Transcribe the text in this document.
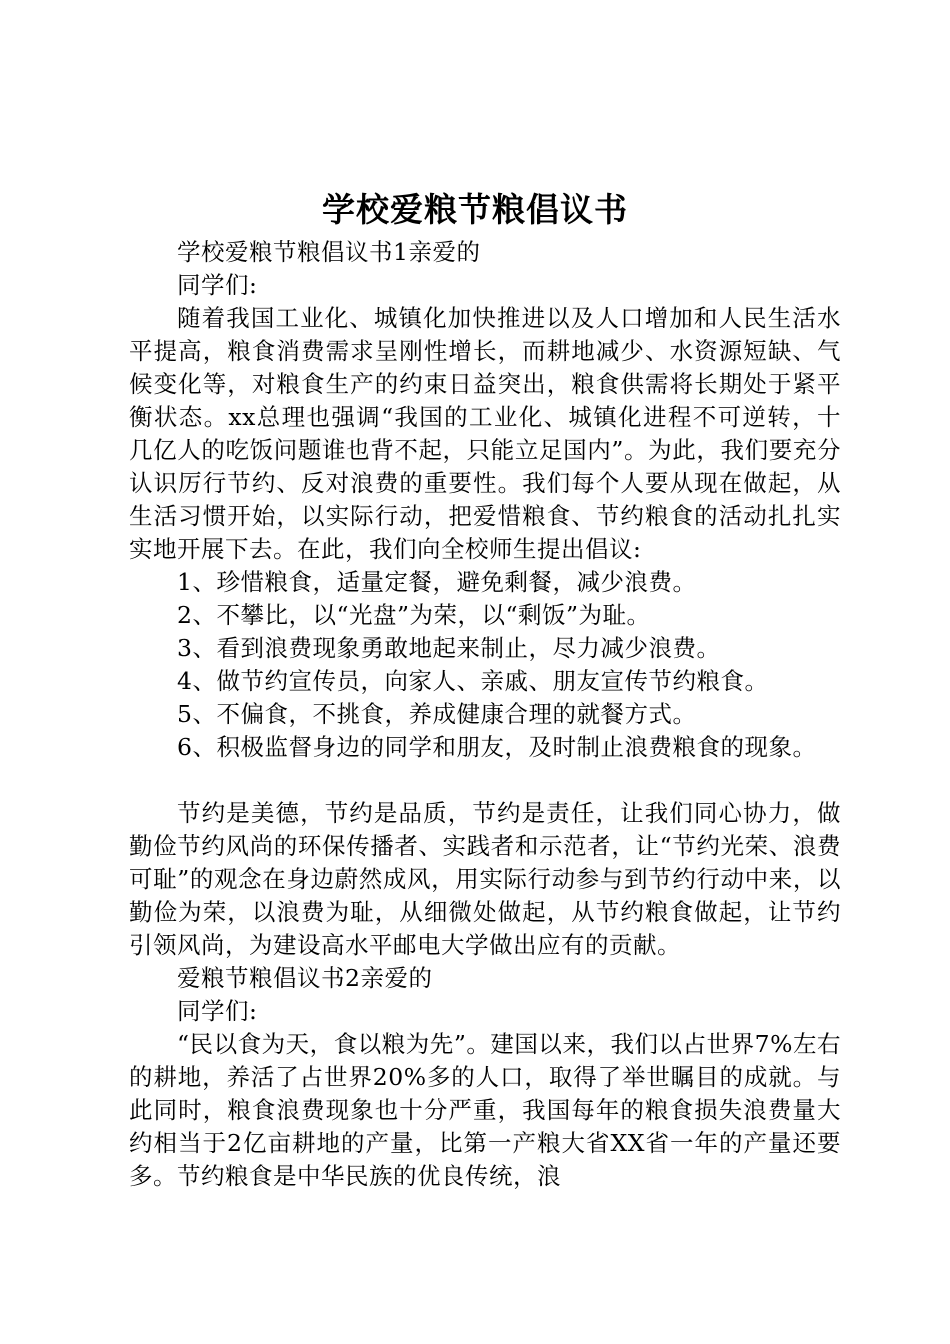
学校爱粮节粮倡议书

学校爱粮节粮倡议书1亲爱的

同学们:

随着我国工业化、城镇化加快推进以及人口增加和人民生活水平提高，粮食消费需求呈刚性增长，而耕地减少、水资源短缺、气候变化等，对粮食生产的约束日益突出，粮食供需将长期处于紧平衡状态。xx总理也强调“我国的工业化、城镇化进程不可逆转，十几亿人的吃饭问题谁也背不起，只能立足国内”。为此，我们要充分认识厉行节约、反对浪费的重要性。我们每个人要从现在做起，从生活习惯开始，以实际行动，把爱惜粮食、节约粮食的活动扎扎实实地开展下去。在此，我们向全校师生提出倡议:

1、珍惜粮食，适量定餐，避免剩餐，减少浪费。

2、不攀比，以“光盘”为荣，以“剩饭”为耻。

3、看到浪费现象勇敢地起来制止，尽力减少浪费。

4、做节约宣传员，向家人、亲戚、朋友宣传节约粮食。

5、不偏食，不挑食，养成健康合理的就餐方式。

6、积极监督身边的同学和朋友，及时制止浪费粮食的现象。

节约是美德，节约是品质，节约是责任，让我们同心协力，做勤俭节约风尚的环保传播者、实践者和示范者，让“节约光荣、浪费可耻”的观念在身边蔚然成风，用实际行动参与到节约行动中来，以勤俭为荣，以浪费为耻，从细微处做起，从节约粮食做起，让节约引领风尚，为建设高水平邮电大学做出应有的贡献。

爱粮节粮倡议书2亲爱的

同学们:

“民以食为天，食以粮为先”。建国以来，我们以占世界7%左右的耕地，养活了占世界20%多的人口，取得了举世瞩目的成就。与此同时，粮食浪费现象也十分严重，我国每年的粮食损失浪费量大约相当于2亿亩耕地的产量，比第一产粮大省XX省一年的产量还要多。节约粮食是中华民族的优良传统，浪
